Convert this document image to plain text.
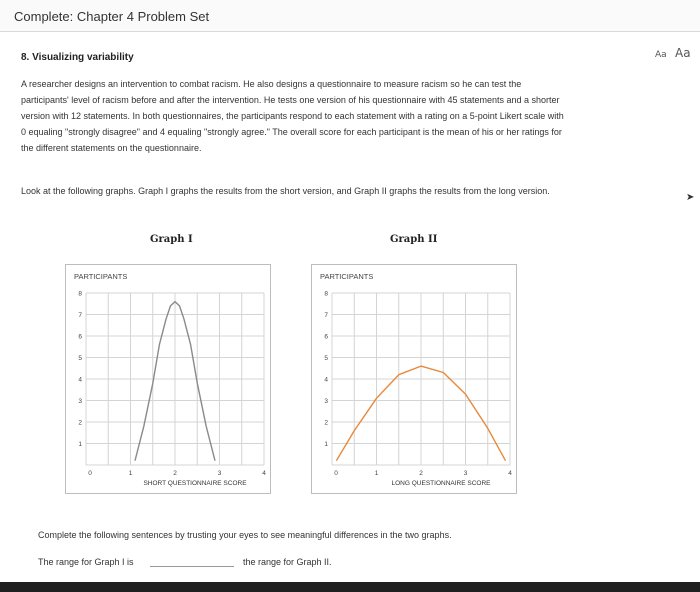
Complete: Chapter 4 Problem Set
Aa Aa
8. Visualizing variability
A researcher designs an intervention to combat racism. He also designs a questionnaire to measure racism so he can test the participants' level of racism before and after the intervention. He tests one version of his questionnaire with 45 statements and a shorter version with 12 statements. In both questionnaires, the participants respond to each statement with a rating on a 5-point Likert scale with 0 equaling "strongly disagree" and 4 equaling "strongly agree." The overall score for each participant is the mean of his or her ratings for the different statements on the questionnaire.
Look at the following graphs. Graph I graphs the results from the short version, and Graph II graphs the results from the long version.
Graph I	Graph II
PARTICIPANTS
1
2
3
4
5
6
7
8
0	1	2	3	4
SHORT QUESTIONNAIRE SCORE
PARTICIPANTS
1
2
3
4
5
6
7
8
0	1	2	3	4
LONG QUESTIONNAIRE SCORE
Complete the following sentences by trusting your eyes to see meaningful differences in the two graphs.
The range for Graph I is	the range for Graph II.
➤
